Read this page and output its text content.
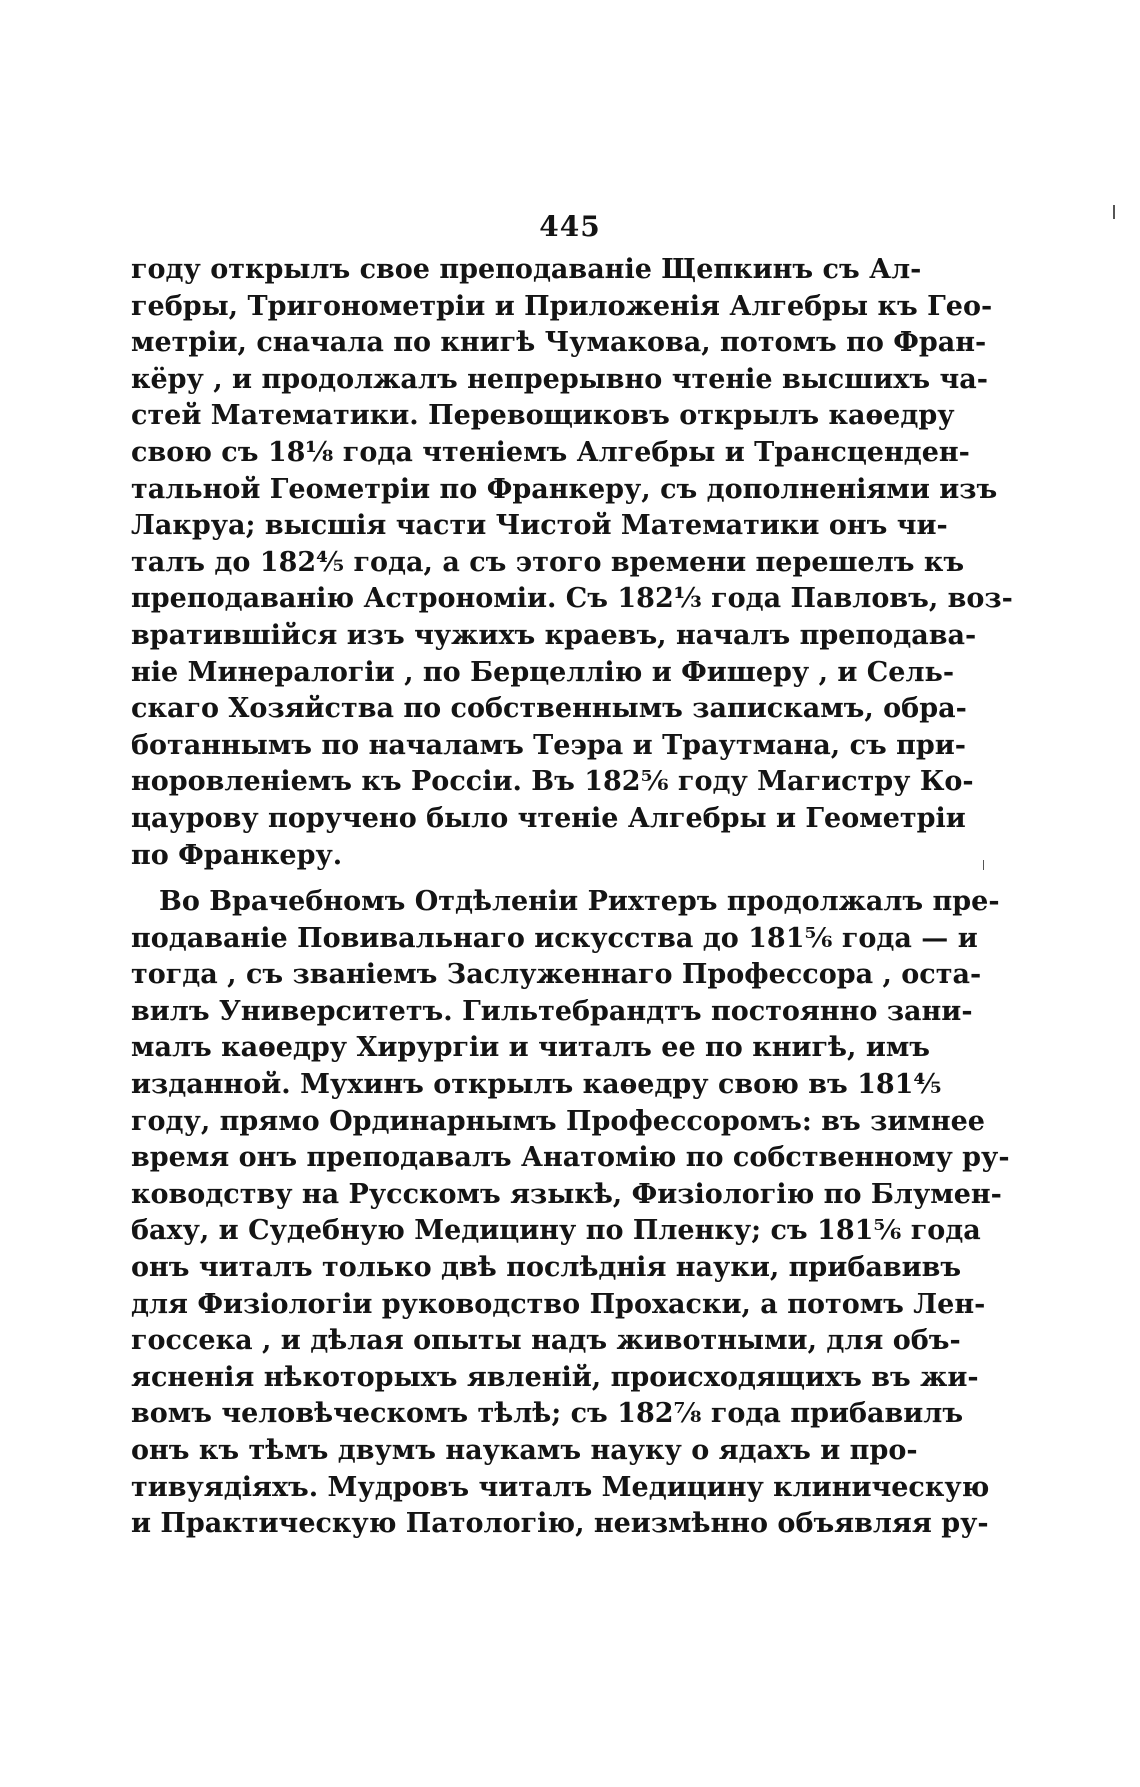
445
году открылъ свое преподаваніе Щепкинъ съ Ал-
гебры, Тригонометріи и Приложенія Алгебры къ Гео-
метріи, сначала по книгѣ Чумакова, потомъ по Фран-
кёру , и продолжалъ непрерывно чтеніе высшихъ ча-
стей Математики. Перевощиковъ открылъ каѳедру
свою съ 18⅛ года чтеніемъ Алгебры и Трансценден-
тальной Геометріи по Франкеру, съ дополненіями изъ
Лакруа; высшія части Чистой Математики онъ чи-
талъ до 182⅘ года, а съ этого времени перешелъ къ
преподаванію Астрономіи. Съ 182⅓ года Павловъ, воз-
вратившійся изъ чужихъ краевъ, началъ преподава-
ніе Минералогіи , по Берцеллію и Фишеру , и Сель-
скаго Хозяйства по собственнымъ запискамъ, обра-
ботаннымъ по началамъ Теэра и Траутмана, съ при-
норовленіемъ къ Россіи. Въ 182⅚ году Магистру Ко-
цаурову поручено было чтеніе Алгебры и Геометріи
по Франкеру.
Во Врачебномъ Отдѣленіи Рихтеръ продолжалъ пре-
подаваніе Повивальнаго искусства до 181⅚ года — и
тогда , съ званіемъ Заслуженнаго Профессора , оста-
вилъ Университетъ. Гильтебрандтъ постоянно зани-
малъ каѳедру Хирургіи и читалъ ее по книгѣ, имъ
изданной. Мухинъ открылъ каѳедру свою въ 181⅘
году, прямо Ординарнымъ Профессоромъ: въ зимнее
время онъ преподавалъ Анатомію по собственному ру-
ководству на Русскомъ языкѣ, Физіологію по Блумен-
баху, и Судебную Медицину по Пленку; съ 181⅚ года
онъ читалъ только двѣ послѣднія науки, прибавивъ
для Физіологіи руководство Прохаски, а потомъ Лен-
госсека , и дѣлая опыты надъ животными, для объ-
ясненія нѣкоторыхъ явленій, происходящихъ въ жи-
вомъ человѣческомъ тѣлѣ; съ 182⅞ года прибавилъ
онъ къ тѣмъ двумъ наукамъ науку о ядахъ и про-
тивуядіяхъ. Мудровъ читалъ Медицину клиническую
и Практическую Патологію, неизмѣнно объявляя ру-
